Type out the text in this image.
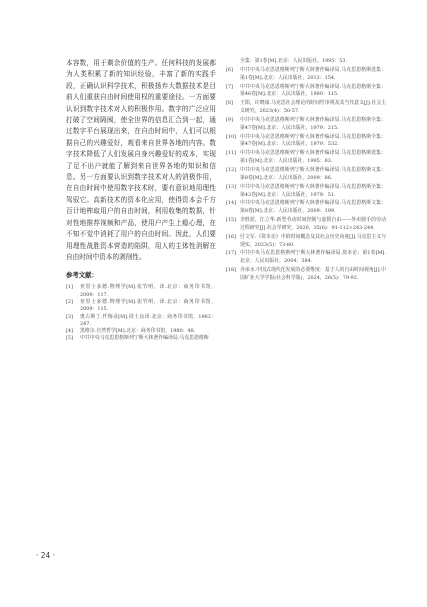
本容数，用于剩余价值的生产。任何科技的发展都为人类积累了新的知识经验，丰富了新的实践手段，正确认识科学技术，积极扬弃大数据技术是目前人们重获自由时间使用权的重要途径。一方面要认识到数字技术对人的积极作用。数字的广泛应用打破了空间隔阂，使全世界的信息汇合到一起，通过数字平台展现出来，在自由时间中，人们可以根据自己的兴趣爱好，观看来自世界各地的内容。数字技术降低了人们发展自身兴趣爱好的成本，实现了足不出户就能了解到来自世界各地的知识和信息。另一方面要认识到数字技术对人的消极作用，在自由时间中使用数字技术时，要有意识地用理性驾驭它。高新技术的资本化应用，使得资本会千方百计地榨取用户的自由时间，利用收集的数据，针对性地推荐视频和产品，使用户产生上瘾心理，在不知不觉中消耗了用户的自由时间。因此，人们要用理性战胜资本营造的陷阱，用人的主体性消解在自由时间中资本的剥削性。

参考文献：
[1]	亚里士多德.物理学[M].张竹明，译.北京：商务印书馆，2009：117.
[2]	亚里士多德.物理学[M].张竹明，译.北京：商务印书馆，2009：115.
[3]	奥古斯丁.忏悔录[M].周士良译.北京：商务印书馆，1963：247.
[4]	黑格尔.自然哲学[M].北京：商务印书馆，1980：48.
[5]	中共中央马克思恩格斯列宁斯大林著作编译局.马克思恩格斯
全集：第1卷[M].北京：人民出版社，1995：53.
[6]	中共中央马克思恩格斯列宁斯大林著作编译局.马克思恩格斯选集：第1卷[M].北京：人民出版社，2012：154.
[7]	中共中央马克思恩格斯列宁斯大林著作编译局.马克思恩格斯全集：第46卷[M].北京：人民出版社，1980：115.
[8]	王阳，许晓康.马克思社会理论的时间性审视及其当代意义[J].社会主义研究，2023(4)：50-57.
[9]	中共中央马克思恩格斯列宁斯大林著作编译局.马克思恩格斯全集：第47卷[M].北京：人民出版社，1979：215.
[10] 中共中央马克思恩格斯列宁斯大林著作编译局.马克思恩格斯全集：第47卷[M].北京：人民出版社，1979：532.
[11] 中共中央马克思恩格斯列宁斯大林著作编译局.马克思恩格斯选集：第1卷[M].北京：人民出版社，1995：83.
[12] 中共中央马克思恩格斯列宁斯大林著作编译局.马克思恩格斯文集：第8卷[M].北京：人民出版社，2009：86.
[13] 中共中央马克思恩格斯列宁斯大林著作编译局.马克思恩格斯全集：第42卷[M].北京：人民出版社，1979：51.
[14] 中共中央马克思恩格斯列宁斯大林著作编译局.马克思恩格斯文集：第8卷[M].北京：人民出版社，2009：199.
[15] 李胜蓝，江立华.新型劳动时间控制与虚假自由——外卖骑手的劳动过程研究[J].社会学研究，2020，35(6)：91-112+243-244.
[16] 付文军.《资本论》中的时间概念及其社会历史向度[J].马克思主义与现实，2023(5)：73-80.
[17] 中共中央马克思恩格斯列宁斯大林著作编译局.资本论：第1卷[M].北京：人民出版社，2004：384.
[18] 齐承水.中国式现代化发展的必要维度：基于人的自由时间视角[J].中国矿业大学学报(社会科学版)，2024，26(5)：79-92.
· 24 ·
